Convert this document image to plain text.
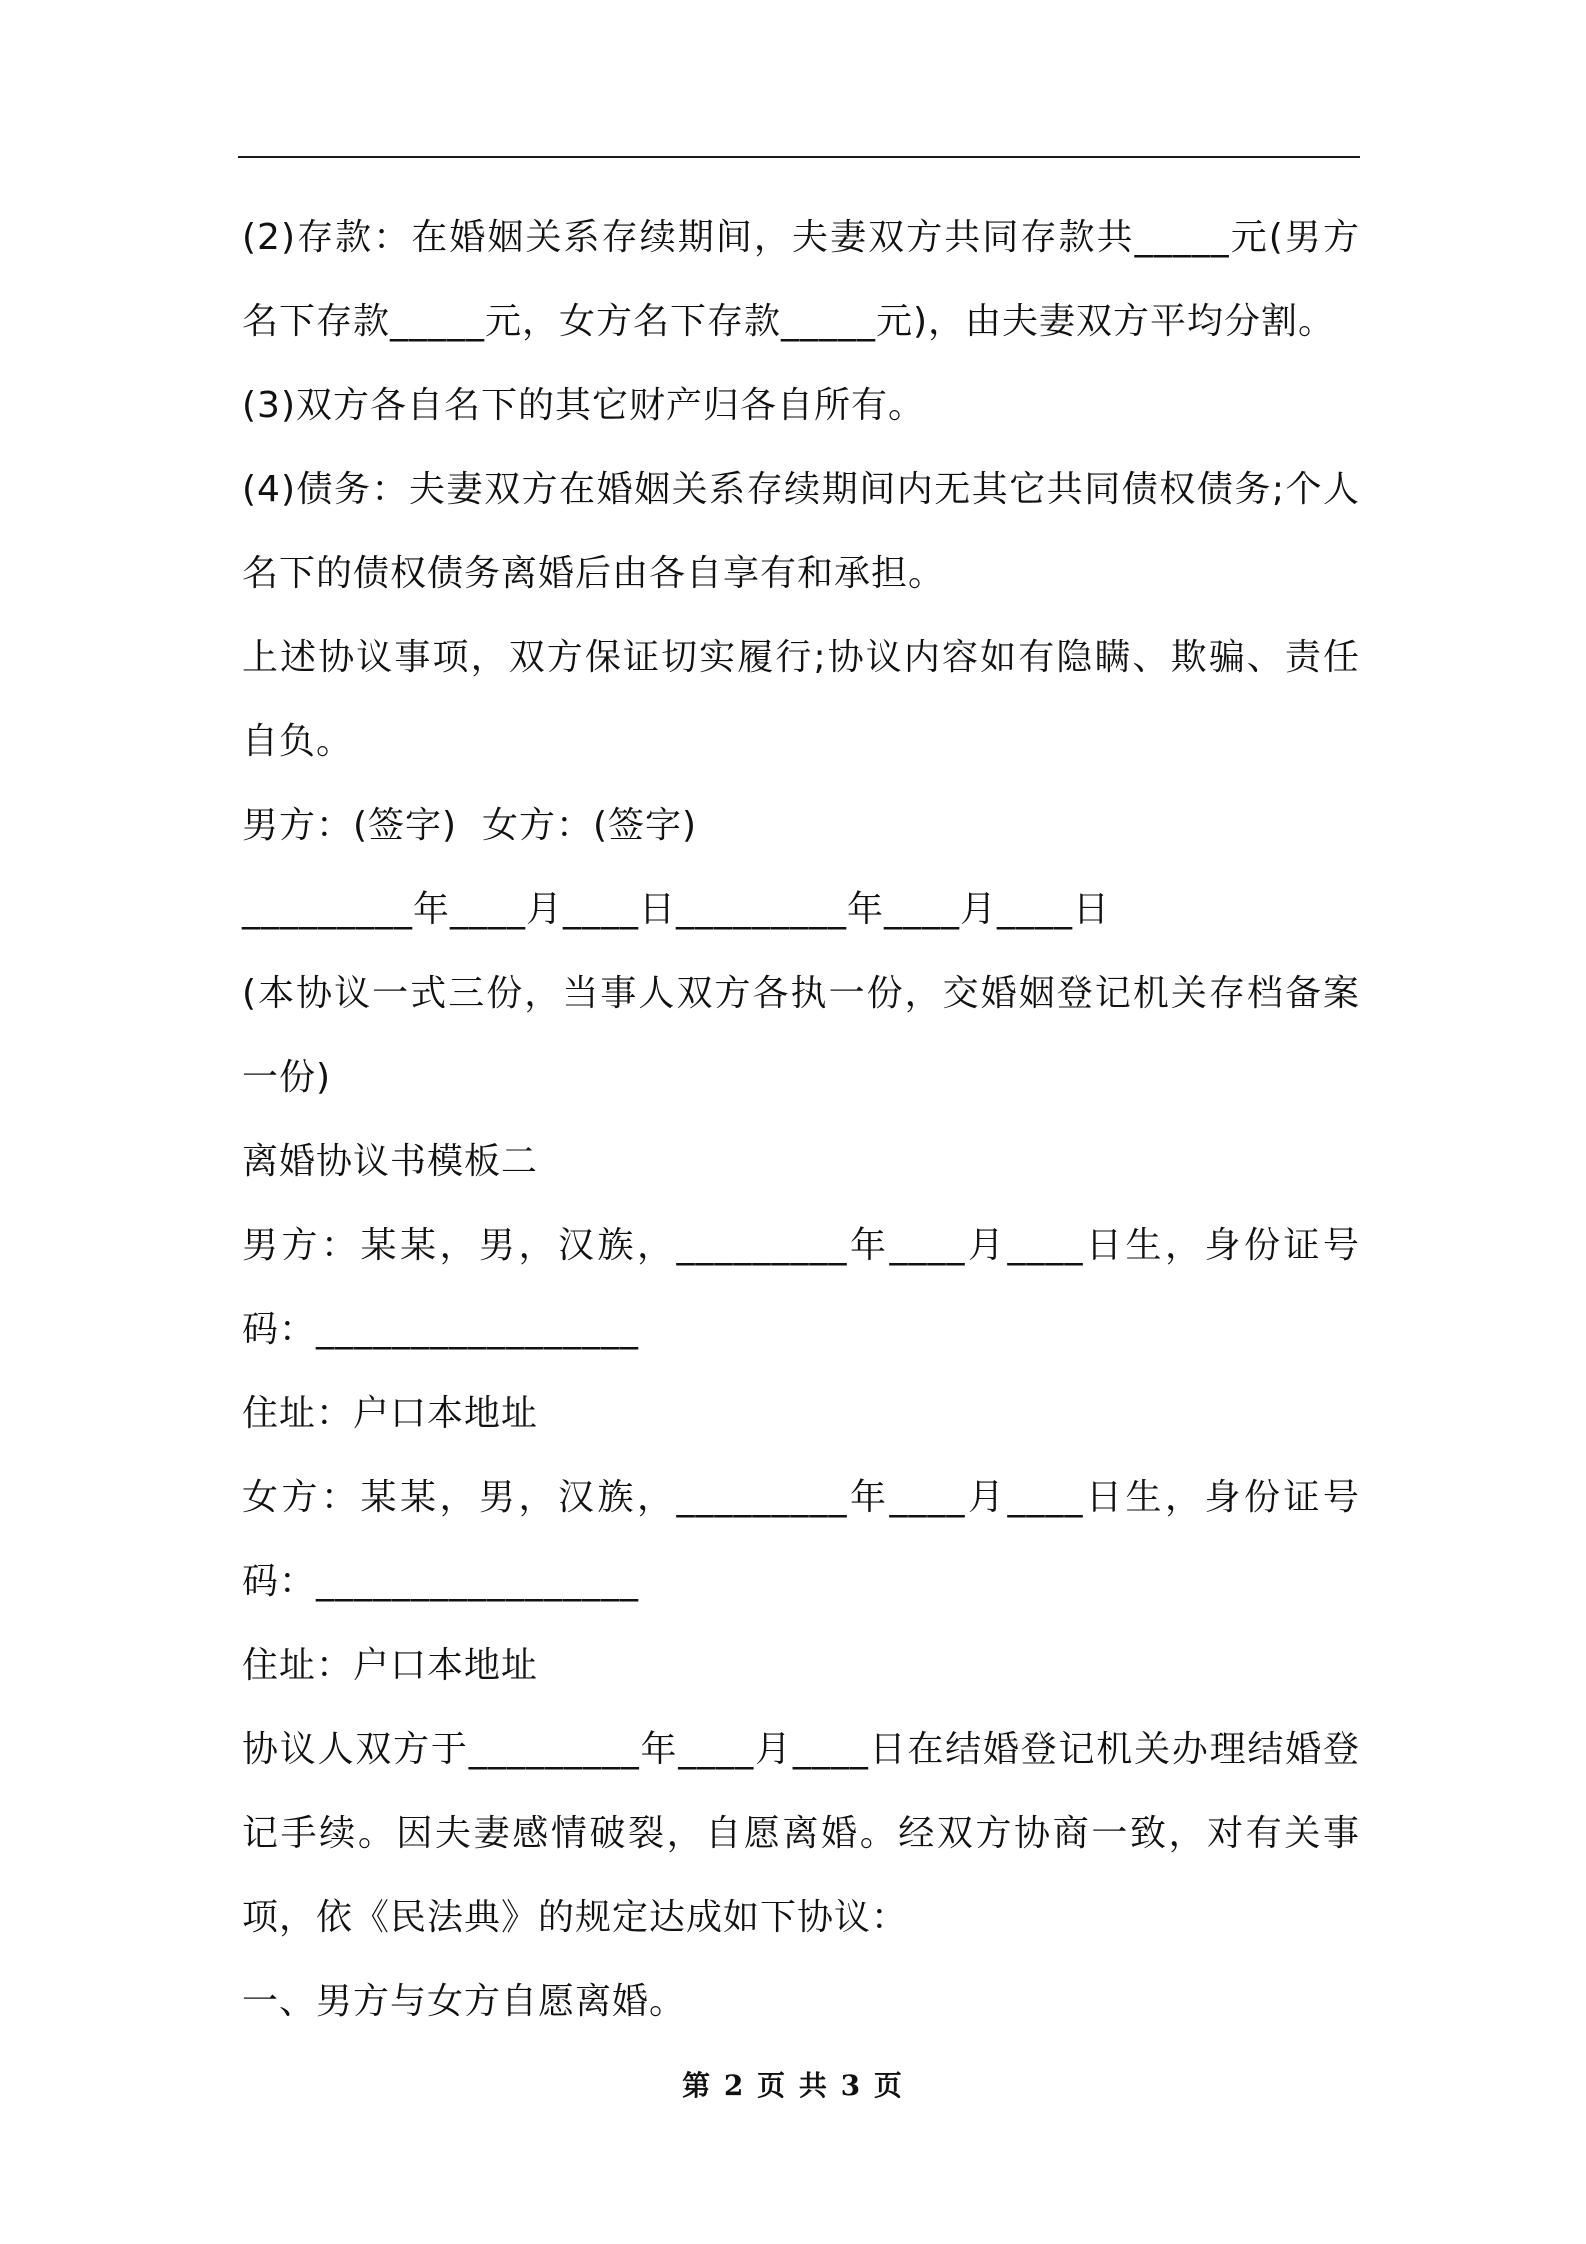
(2)存款：在婚姻关系存续期间，夫妻双方共同存款共_____元(男方名下存款_____元，女方名下存款_____元)，由夫妻双方平均分割。

(3)双方各自名下的其它财产归各自所有。

(4)债务：夫妻双方在婚姻关系存续期间内无其它共同债权债务;个人名下的债权债务离婚后由各自享有和承担。

上述协议事项，双方保证切实履行;协议内容如有隐瞒、欺骗、责任自负。

男方：(签字)  女方：(签字)

_________年____月____日_________年____月____日

(本协议一式三份，当事人双方各执一份，交婚姻登记机关存档备案一份)

离婚协议书模板二

男方：某某，男，汉族，_________年____月____日生，身份证号码：_________________

住址：户口本地址

女方：某某，男，汉族，_________年____月____日生，身份证号码：_________________

住址：户口本地址

协议人双方于_________年____月____日在结婚登记机关办理结婚登记手续。因夫妻感情破裂，自愿离婚。经双方协商一致，对有关事项，依《民法典》的规定达成如下协议：

一、男方与女方自愿离婚。

第 2 页 共 3 页
